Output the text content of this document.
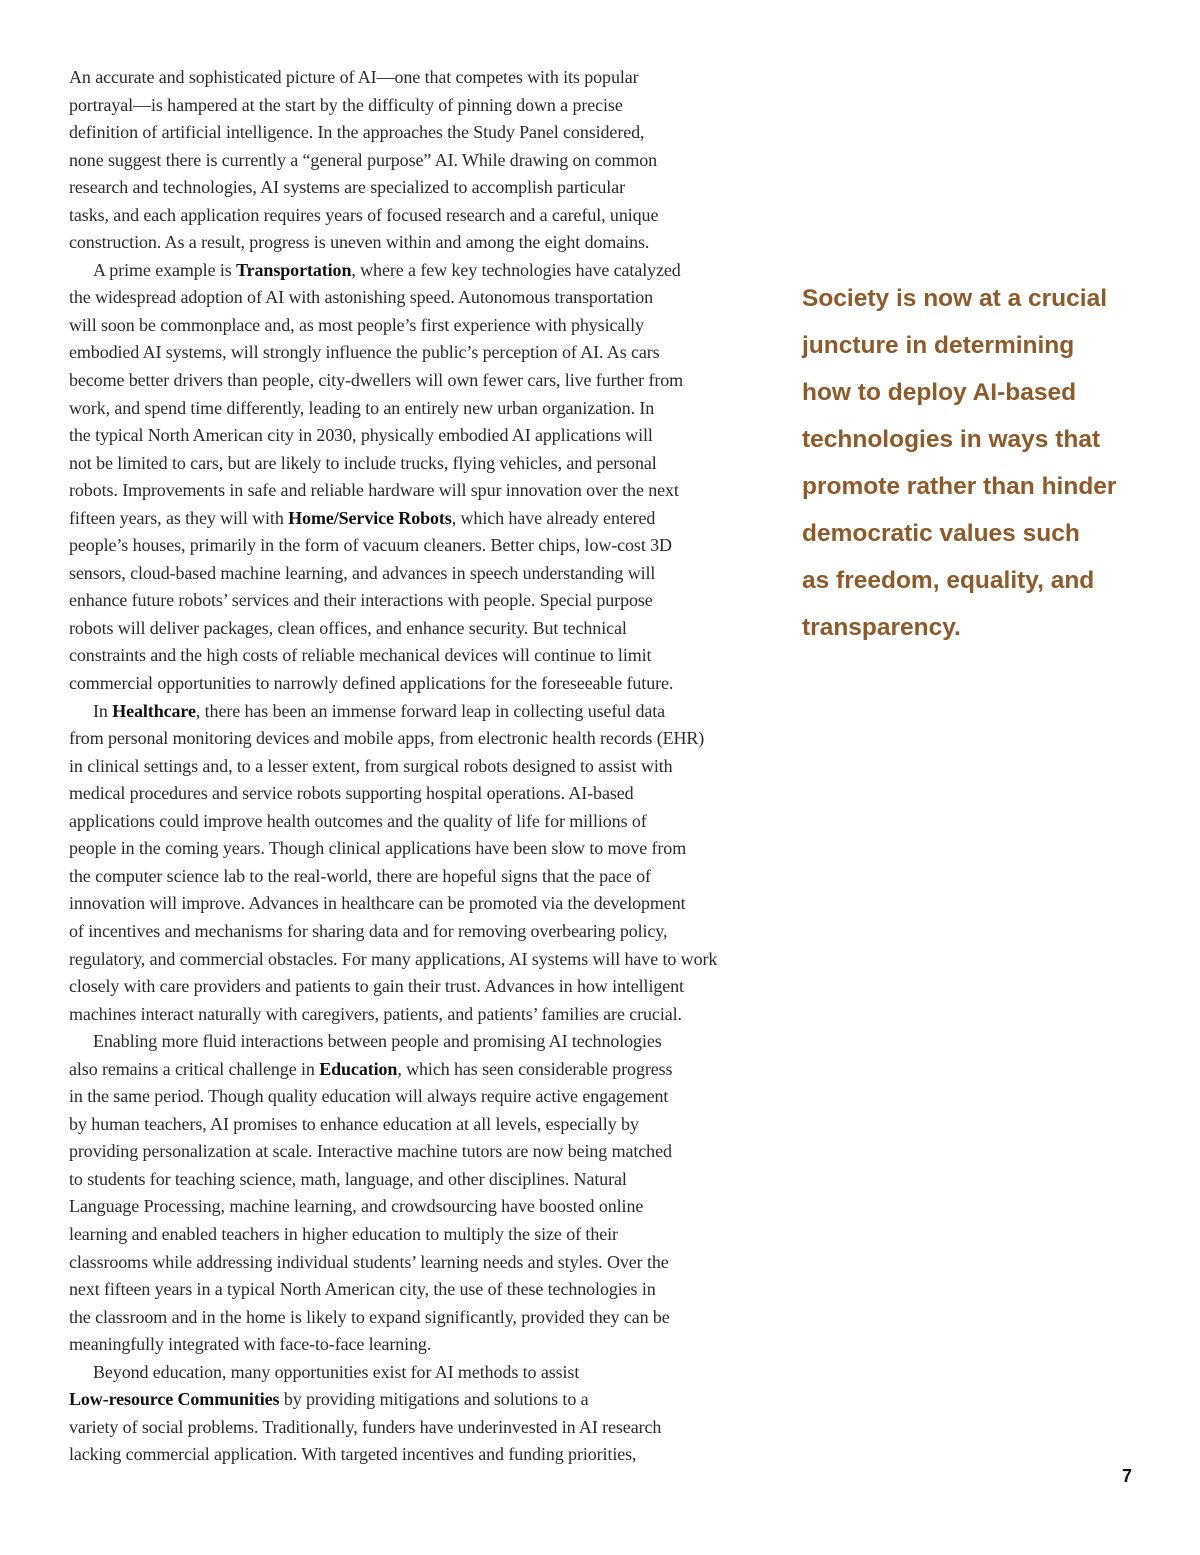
An accurate and sophisticated picture of AI—one that competes with its popular
portrayal—is hampered at the start by the difficulty of pinning down a precise
definition of artificial intelligence. In the approaches the Study Panel considered,
none suggest there is currently a “general purpose” AI. While drawing on common
research and technologies, AI systems are specialized to accomplish particular
tasks, and each application requires years of focused research and a careful, unique
construction. As a result, progress is uneven within and among the eight domains.
A prime example is Transportation, where a few key technologies have catalyzed
the widespread adoption of AI with astonishing speed. Autonomous transportation
will soon be commonplace and, as most people’s first experience with physically
embodied AI systems, will strongly influence the public’s perception of AI. As cars
become better drivers than people, city-dwellers will own fewer cars, live further from
work, and spend time differently, leading to an entirely new urban organization. In
the typical North American city in 2030, physically embodied AI applications will
not be limited to cars, but are likely to include trucks, flying vehicles, and personal
robots. Improvements in safe and reliable hardware will spur innovation over the next
fifteen years, as they will with Home/Service Robots, which have already entered
people’s houses, primarily in the form of vacuum cleaners. Better chips, low-cost 3D
sensors, cloud-based machine learning, and advances in speech understanding will
enhance future robots’ services and their interactions with people. Special purpose
robots will deliver packages, clean offices, and enhance security. But technical
constraints and the high costs of reliable mechanical devices will continue to limit
commercial opportunities to narrowly defined applications for the foreseeable future.
In Healthcare, there has been an immense forward leap in collecting useful data
from personal monitoring devices and mobile apps, from electronic health records (EHR)
in clinical settings and, to a lesser extent, from surgical robots designed to assist with
medical procedures and service robots supporting hospital operations. AI-based
applications could improve health outcomes and the quality of life for millions of
people in the coming years. Though clinical applications have been slow to move from
the computer science lab to the real-world, there are hopeful signs that the pace of
innovation will improve. Advances in healthcare can be promoted via the development
of incentives and mechanisms for sharing data and for removing overbearing policy,
regulatory, and commercial obstacles. For many applications, AI systems will have to work
closely with care providers and patients to gain their trust. Advances in how intelligent
machines interact naturally with caregivers, patients, and patients’ families are crucial.
Enabling more fluid interactions between people and promising AI technologies
also remains a critical challenge in Education, which has seen considerable progress
in the same period. Though quality education will always require active engagement
by human teachers, AI promises to enhance education at all levels, especially by
providing personalization at scale. Interactive machine tutors are now being matched
to students for teaching science, math, language, and other disciplines. Natural
Language Processing, machine learning, and crowdsourcing have boosted online
learning and enabled teachers in higher education to multiply the size of their
classrooms while addressing individual students’ learning needs and styles. Over the
next fifteen years in a typical North American city, the use of these technologies in
the classroom and in the home is likely to expand significantly, provided they can be
meaningfully integrated with face-to-face learning.
Beyond education, many opportunities exist for AI methods to assist
Low-resource Communities by providing mitigations and solutions to a
variety of social problems. Traditionally, funders have underinvested in AI research
lacking commercial application. With targeted incentives and funding priorities,
Society is now at a crucial
juncture in determining
how to deploy AI-based
technologies in ways that
promote rather than hinder
democratic values such
as freedom, equality, and
transparency.
7
